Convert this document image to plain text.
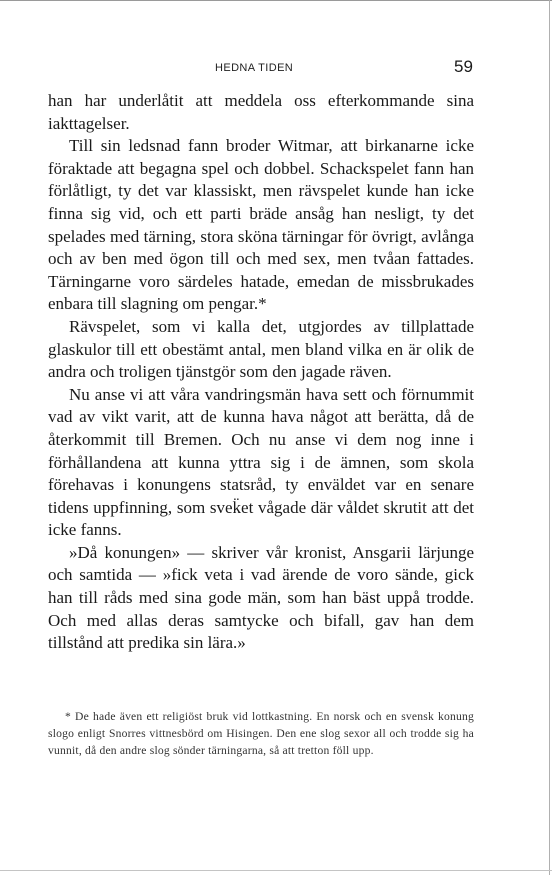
HEDNA TIDEN	59

han har underlåtit att meddela oss efterkommande sina iakttagelser.

Till sin ledsnad fann broder Witmar, att birkanarne icke föraktade att begagna spel och dobbel. Schackspelet fann han förlåtligt, ty det var klassiskt, men rävspelet kunde han icke finna sig vid, och ett parti bräde ansåg han nesligt, ty det spelades med tärning, stora sköna tärningar för övrigt, avlånga och av ben med ögon till och med sex, men tvåan fattades. Tärningarne voro särdeles hatade, emedan de missbrukades enbara till slagning om pengar.*

Rävspelet, som vi kalla det, utgjordes av tillplattade glaskulor till ett obestämt antal, men bland vilka en är olik de andra och troligen tjänstgör som den jagade räven.

Nu anse vi att våra vandringsmän hava sett och förnummit vad av vikt varit, att de kunna hava något att berätta, då de återkommit till Bremen. Och nu anse vi dem nog inne i förhållandena att kunna yttra sig i de ämnen, som skola förehavas i konungens statsråd, ty enväldet var en senare tidens uppfinning, som svek̈et vågade där våldet skrutit att det icke fanns.

»Då konungen» — skriver vår kronist, Ansgarii lärjunge och samtida — »fick veta i vad ärende de voro sände, gick han till råds med sina gode män, som han bäst uppå trodde. Och med allas deras samtycke och bifall, gav han dem tillstånd att predika sin lära.»

* De hade även ett religiöst bruk vid lottkastning. En norsk och en svensk konung slogo enligt Snorres vittnesbörd om Hisingen. Den ene slog sexor all och trodde sig ha vunnit, då den andre slog sönder tärningarna, så att tretton föll upp.
